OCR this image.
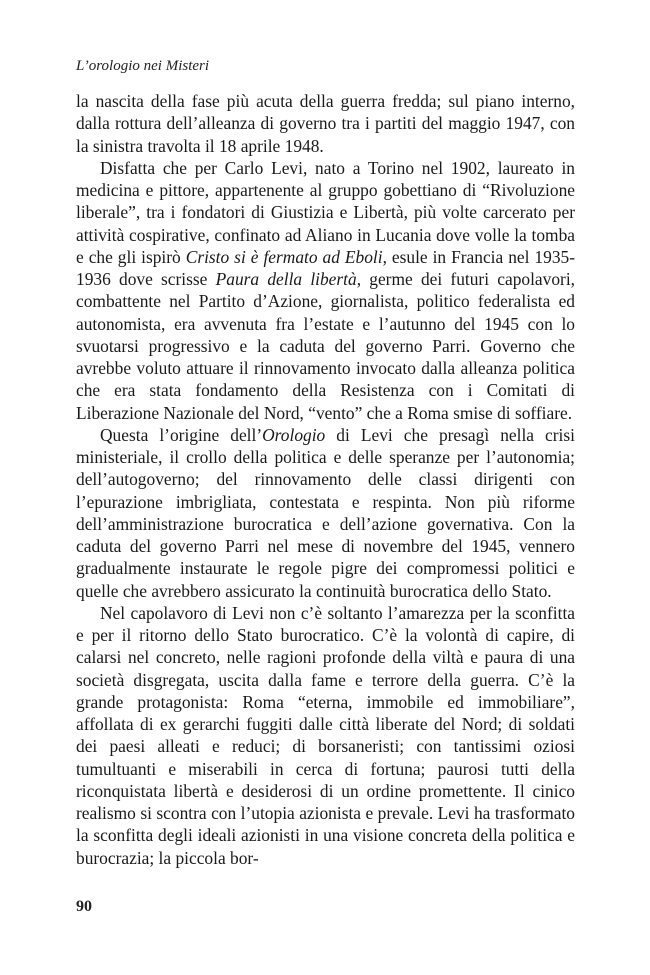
L’orologio nei Misteri

la nascita della fase più acuta della guerra fredda; sul piano interno, dalla rottura dell’alleanza di governo tra i partiti del maggio 1947, con la sinistra travolta il 18 aprile 1948.

Disfatta che per Carlo Levi, nato a Torino nel 1902, laureato in medicina e pittore, appartenente al gruppo gobettiano di “Rivoluzione liberale”, tra i fondatori di Giustizia e Libertà, più volte carcerato per attività cospirative, confinato ad Aliano in Lucania dove volle la tomba e che gli ispirò Cristo si è fermato ad Eboli, esule in Francia nel 1935-1936 dove scrisse Paura della libertà, germe dei futuri capolavori, combattente nel Partito d’Azione, giornalista, politico federalista ed autonomista, era avvenuta fra l’estate e l’autunno del 1945 con lo svuotarsi progressivo e la caduta del governo Parri. Governo che avrebbe voluto attuare il rinnovamento invocato dalla alleanza politica che era stata fondamento della Resistenza con i Comitati di Liberazione Nazionale del Nord, “vento” che a Roma smise di soffiare.

Questa l’origine dell’Orologio di Levi che presagì nella crisi ministeriale, il crollo della politica e delle speranze per l’autonomia; dell’autogoverno; del rinnovamento delle classi dirigenti con l’epurazione imbrigliata, contestata e respinta. Non più riforme dell’amministrazione burocratica e dell’azione governativa. Con la caduta del governo Parri nel mese di novembre del 1945, vennero gradualmente instaurate le regole pigre dei compromessi politici e quelle che avrebbero assicurato la continuità burocratica dello Stato.

Nel capolavoro di Levi non c’è soltanto l’amarezza per la sconfitta e per il ritorno dello Stato burocratico. C’è la volontà di capire, di calarsi nel concreto, nelle ragioni profonde della viltà e paura di una società disgregata, uscita dalla fame e terrore della guerra. C’è la grande protagonista: Roma “eterna, immobile ed immobiliare”, affollata di ex gerarchi fuggiti dalle città liberate del Nord; di soldati dei paesi alleati e reduci; di borsaneristi; con tantissimi oziosi tumultuanti e miserabili in cerca di fortuna; paurosi tutti della riconquistata libertà e desiderosi di un ordine promettente. Il cinico realismo si scontra con l’utopia azionista e prevale. Levi ha trasformato la sconfitta degli ideali azionisti in una visione concreta della politica e burocrazia; la piccola bor-

90
